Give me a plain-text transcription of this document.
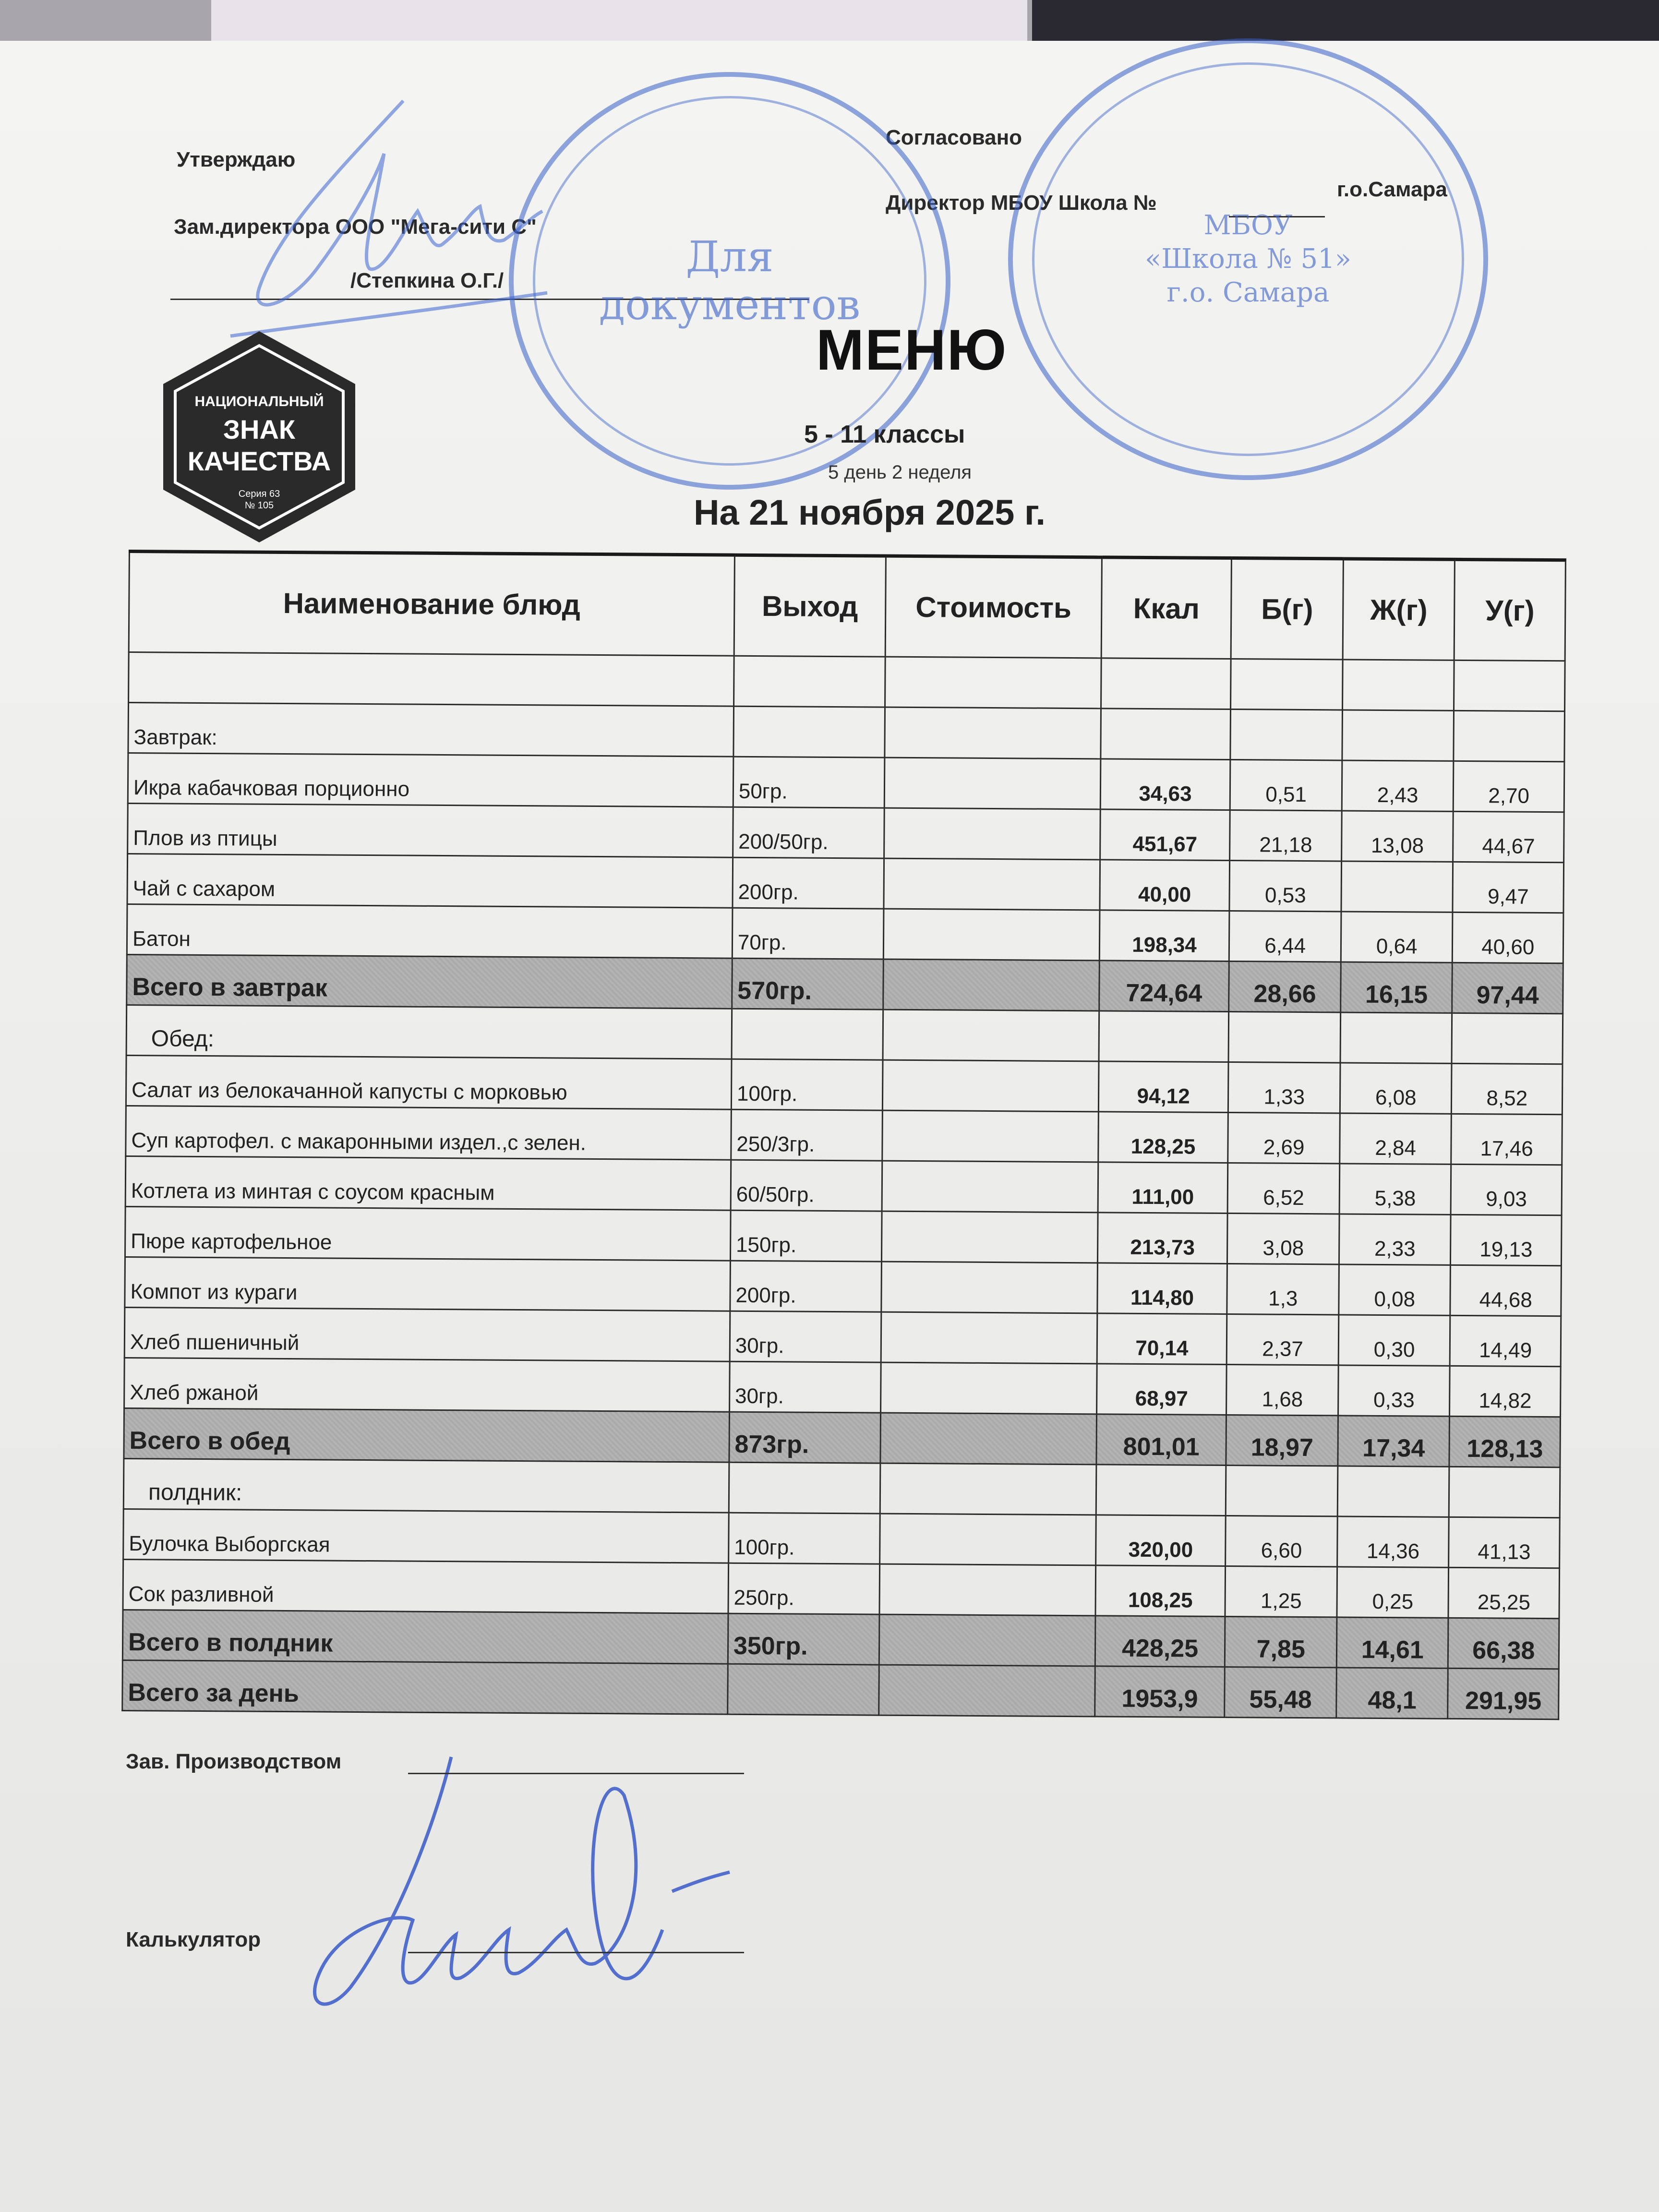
Утверждаю
Зам.директора ООО "Мега-сити С"
/Степкина О.Г./
Согласовано
Директор МБОУ Школа №
г.о.Самара
Для
документов
МБОУ
«Школа № 51»
г.о. Самара
НАЦИОНАЛЬНЫЙ
ЗНАК
КАЧЕСТВА
Серия 63
№ 105
МЕНЮ
5 - 11 классы
5 день 2 неделя
На 21 ноября 2025 г.
Наименование блюд	Выход	Стоимость	Ккал	Б(г)	Ж(г)	У(г)

Завтрак:						
Икра кабачковая порционно	50гр.		34,63	0,51	2,43	2,70
Плов из птицы	200/50гр.		451,67	21,18	13,08	44,67
Чай с сахаром	200гр.		40,00	0,53		9,47
Батон	70гр.		198,34	6,44	0,64	40,60
Всего в завтрак	570гр.		724,64	28,66	16,15	97,44
Обед:						
Салат из белокачанной капусты с морковью	100гр.		94,12	1,33	6,08	8,52
Суп картофел. с макаронными издел.,с зелен.	250/3гр.		128,25	2,69	2,84	17,46
Котлета из минтая с соусом красным	60/50гр.		111,00	6,52	5,38	9,03
Пюре картофельное	150гр.		213,73	3,08	2,33	19,13
Компот из кураги	200гр.		114,80	1,3	0,08	44,68
Хлеб пшеничный	30гр.		70,14	2,37	0,30	14,49
Хлеб ржаной	30гр.		68,97	1,68	0,33	14,82
Всего в обед	873гр.		801,01	18,97	17,34	128,13
полдник:						
Булочка Выборгская	100гр.		320,00	6,60	14,36	41,13
Сок разливной	250гр.		108,25	1,25	0,25	25,25
Всего в полдник	350гр.		428,25	7,85	14,61	66,38
Всего за день			1953,9	55,48	48,1	291,95
Зав. Производством
Калькулятор
